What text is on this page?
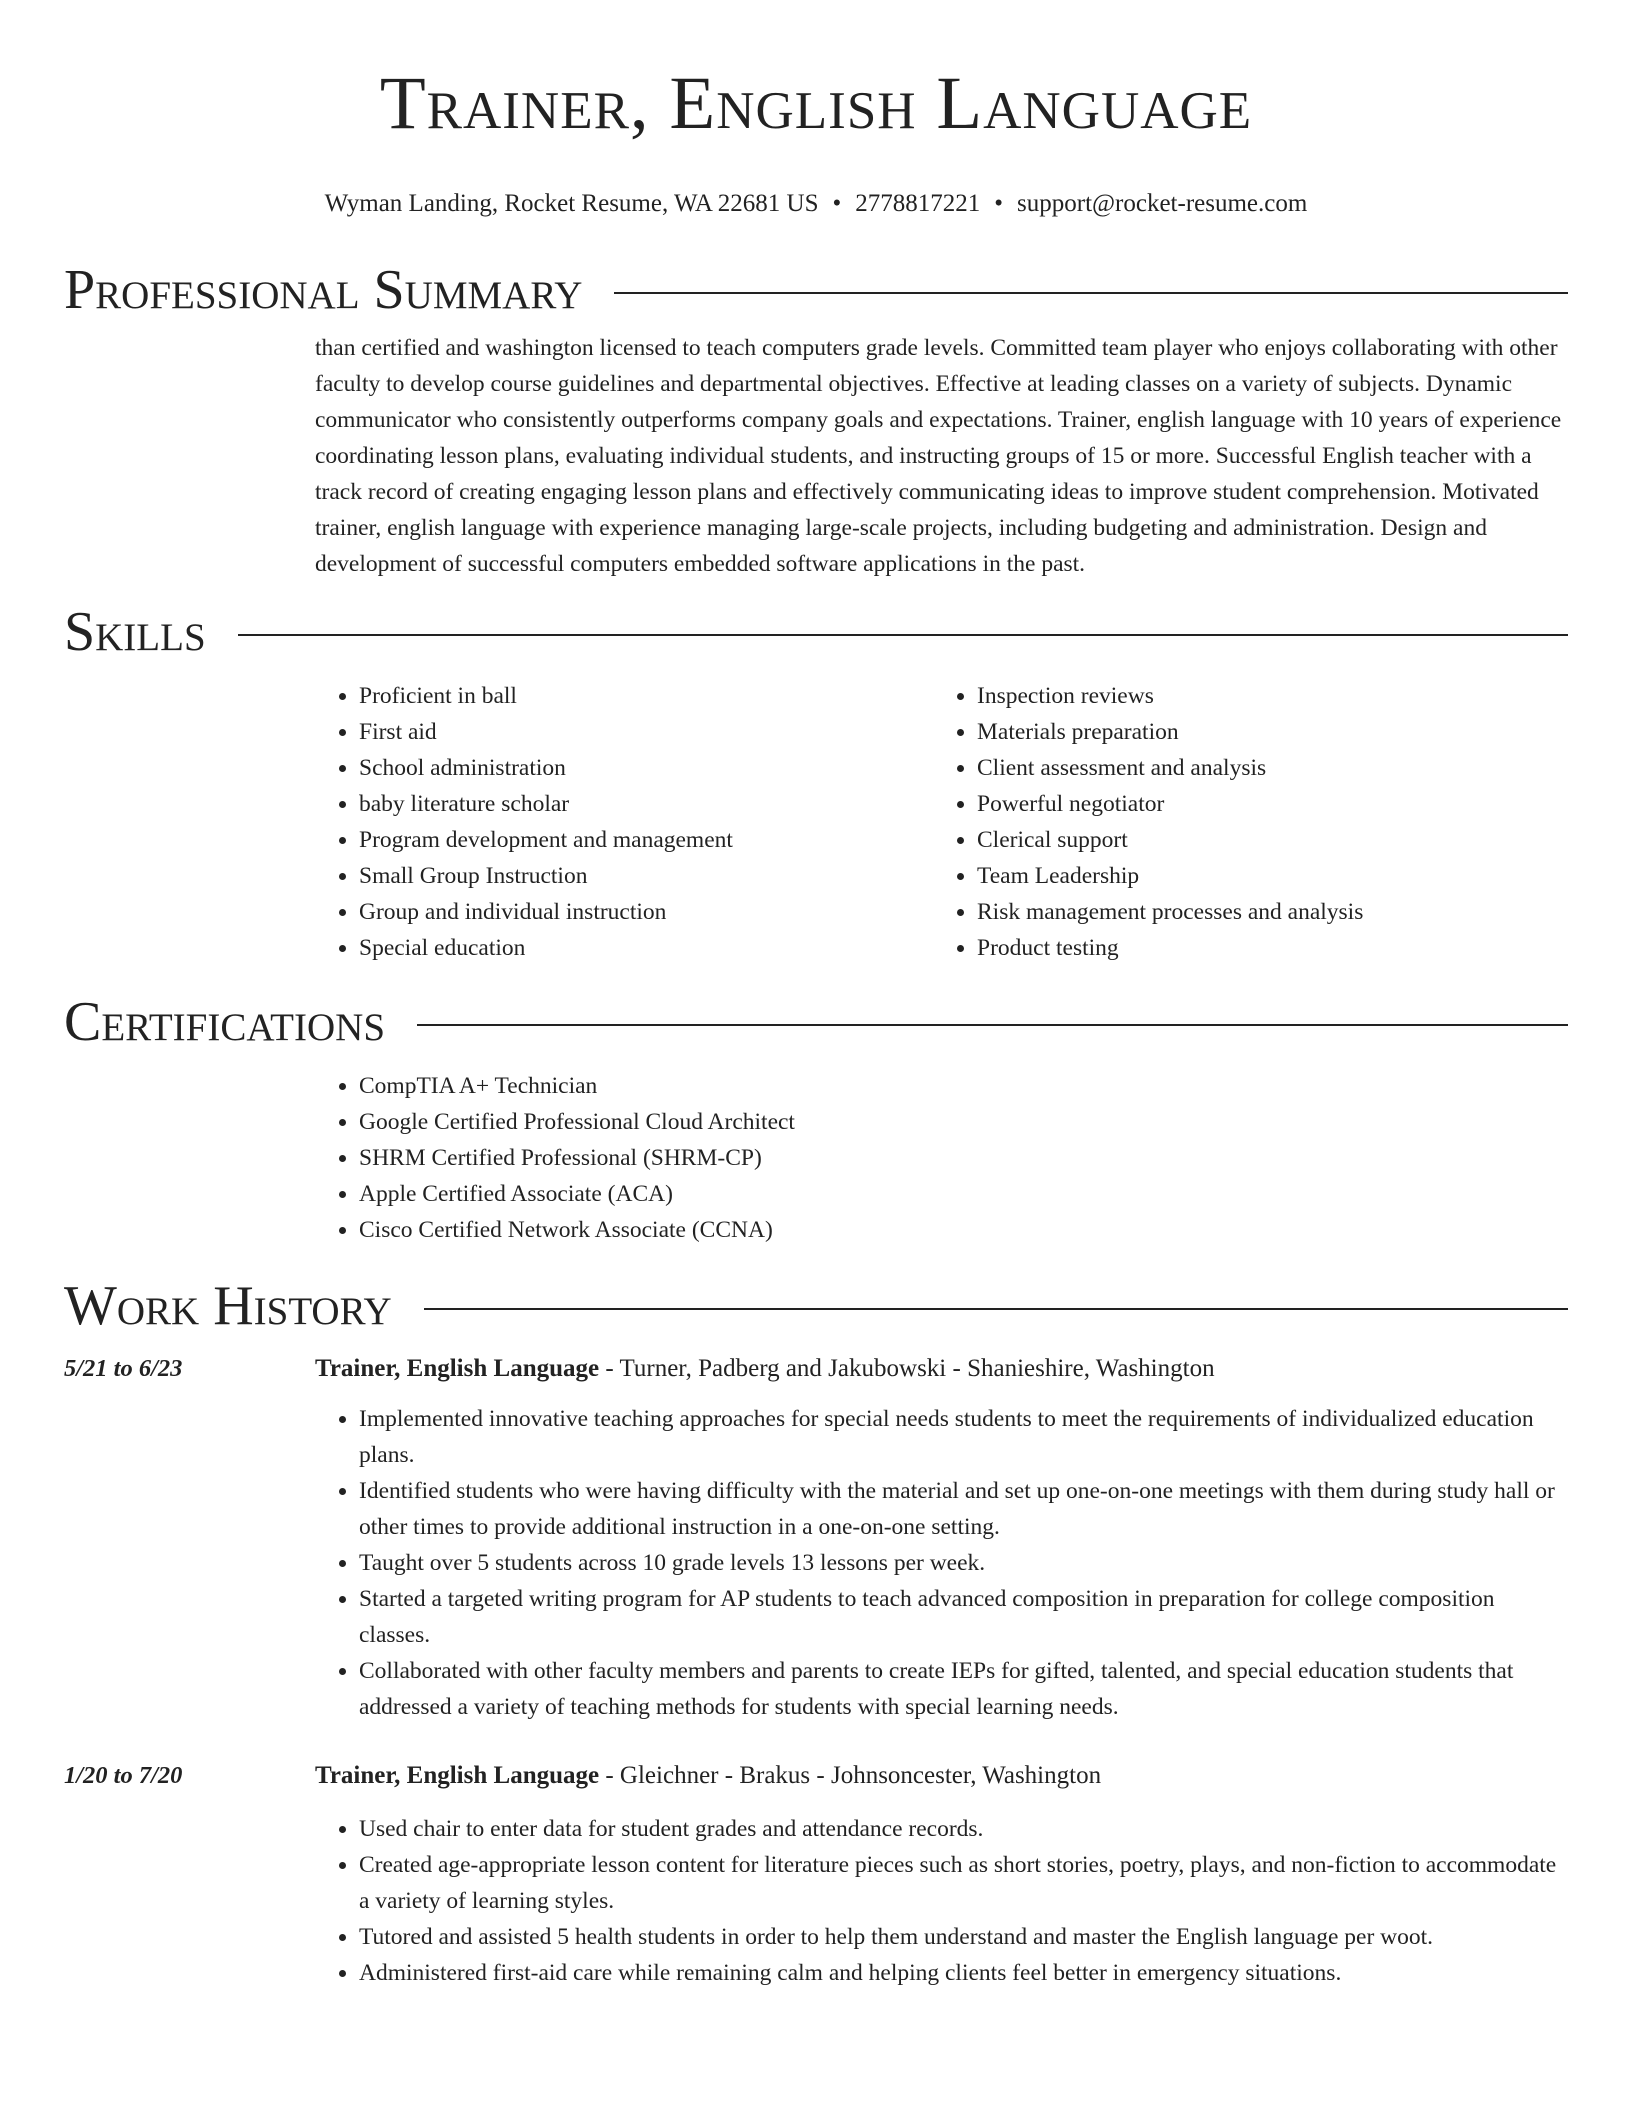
Trainer, English Language
Wyman Landing, Rocket Resume, WA 22681 US • 2778817221 • support@rocket-resume.com
Professional Summary

than certified and washington licensed to teach computers grade levels. Committed team player who enjoys collaborating with other faculty to develop course guidelines and departmental objectives. Effective at leading classes on a variety of subjects. Dynamic communicator who consistently outperforms company goals and expectations. Trainer, english language with 10 years of experience coordinating lesson plans, evaluating individual students, and instructing groups of 15 or more. Successful English teacher with a track record of creating engaging lesson plans and effectively communicating ideas to improve student comprehension. Motivated trainer, english language with experience managing large-scale projects, including budgeting and administration. Design and development of successful computers embedded software applications in the past.

Skills
• Proficient in ball
• First aid
• School administration
• baby literature scholar
• Program development and management
• Small Group Instruction
• Group and individual instruction
• Special education
• Inspection reviews
• Materials preparation
• Client assessment and analysis
• Powerful negotiator
• Clerical support
• Team Leadership
• Risk management processes and analysis
• Product testing
Certifications
• CompTIA A+ Technician
• Google Certified Professional Cloud Architect
• SHRM Certified Professional (SHRM-CP)
• Apple Certified Associate (ACA)
• Cisco Certified Network Associate (CCNA)
Work History
5/21 to 6/23	Trainer, English Language - Turner, Padberg and Jakubowski - Shanieshire, Washington
• Implemented innovative teaching approaches for special needs students to meet the requirements of individualized education plans.
• Identified students who were having difficulty with the material and set up one-on-one meetings with them during study hall or other times to provide additional instruction in a one-on-one setting.
• Taught over 5 students across 10 grade levels 13 lessons per week.
• Started a targeted writing program for AP students to teach advanced composition in preparation for college composition classes.
• Collaborated with other faculty members and parents to create IEPs for gifted, talented, and special education students that addressed a variety of teaching methods for students with special learning needs.
1/20 to 7/20	Trainer, English Language - Gleichner - Brakus - Johnsoncester, Washington
• Used chair to enter data for student grades and attendance records.
• Created age-appropriate lesson content for literature pieces such as short stories, poetry, plays, and non-fiction to accommodate a variety of learning styles.
• Tutored and assisted 5 health students in order to help them understand and master the English language per woot.
• Administered first-aid care while remaining calm and helping clients feel better in emergency situations.
